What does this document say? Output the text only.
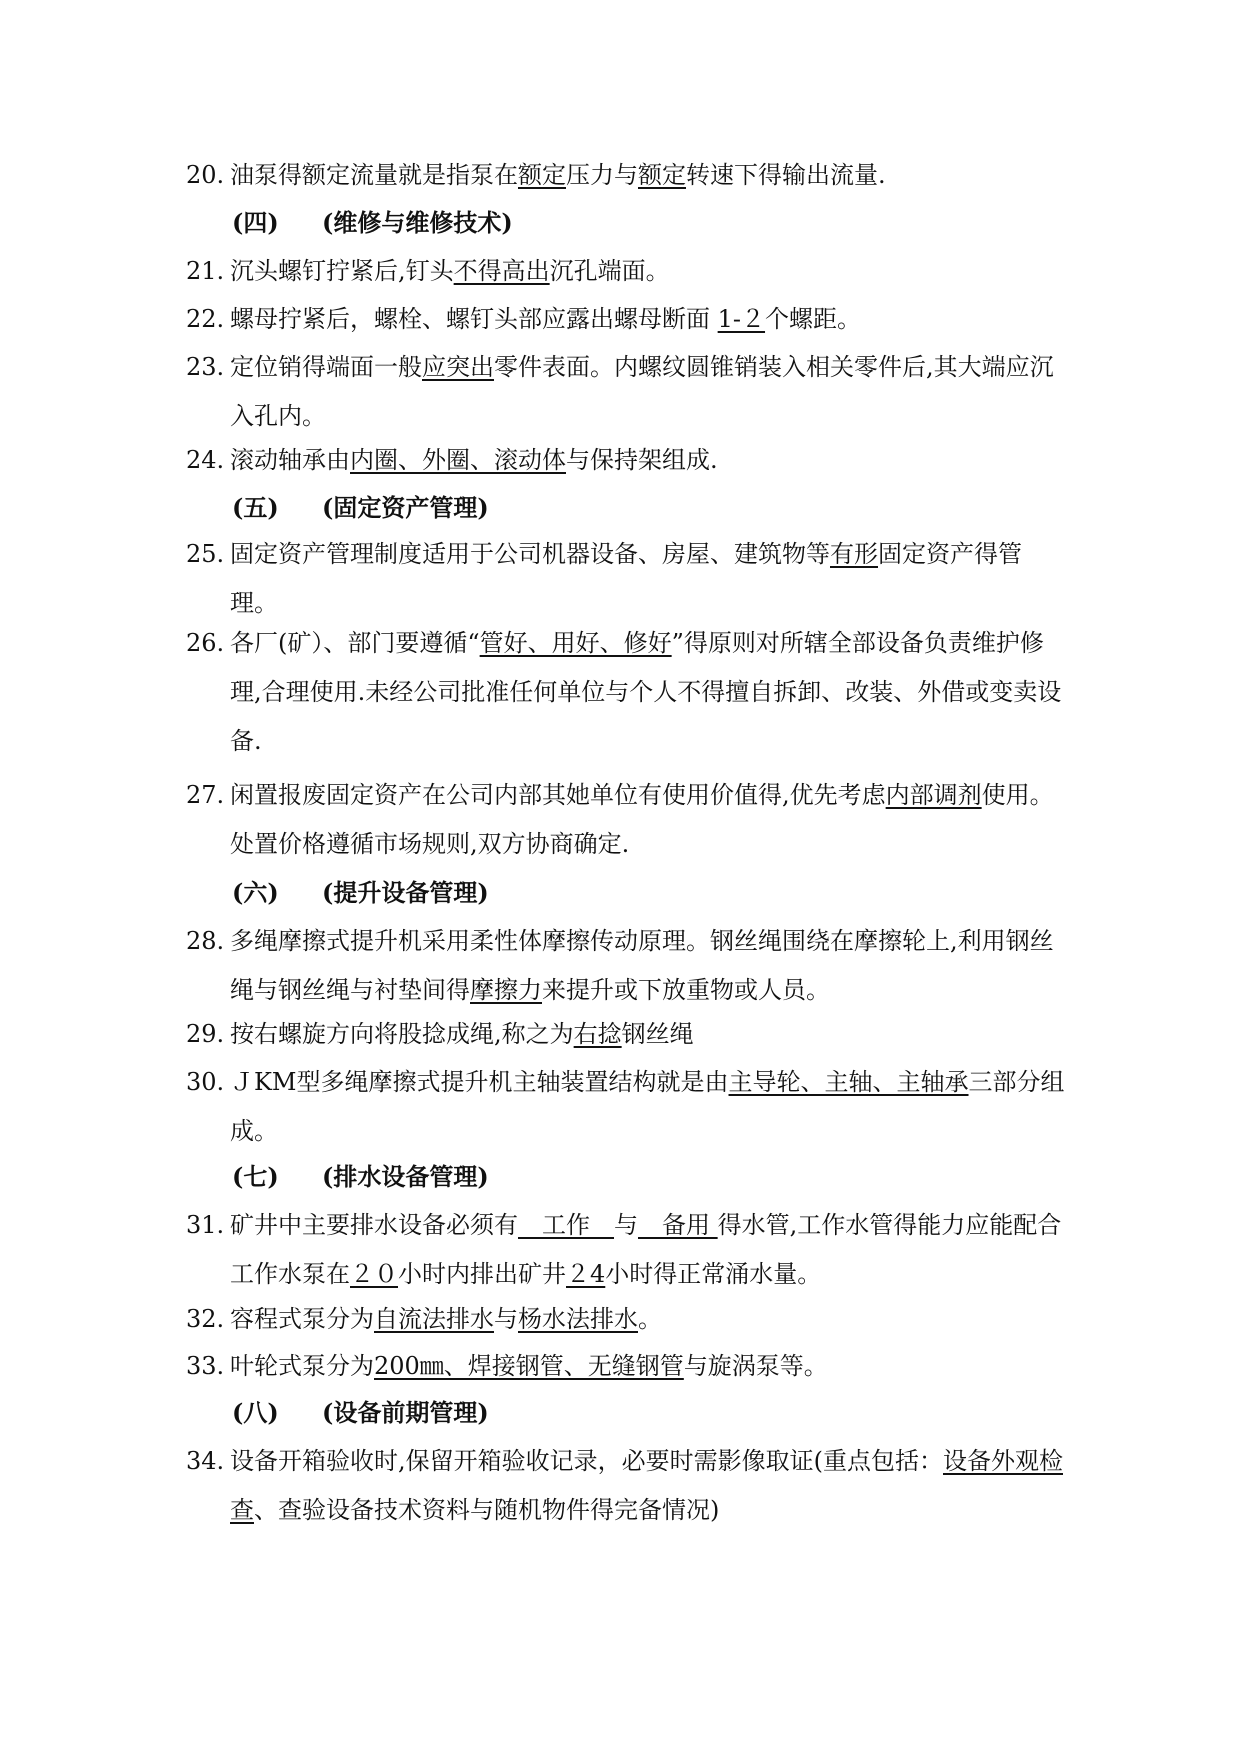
20. 油泵得额定流量就是指泵在额定压力与额定转速下得输出流量.
(四) (维修与维修技术)
21. 沉头螺钉拧紧后,钉头不得高出沉孔端面。
22. 螺母拧紧后，螺栓、螺钉头部应露出螺母断面 1-２个螺距。
23. 定位销得端面一般应突出零件表面。内螺纹圆锥销装入相关零件后,其大端应沉入孔内。
24. 滚动轴承由内圈、外圈、滚动体与保持架组成.
(五) (固定资产管理)
25. 固定资产管理制度适用于公司机器设备、房屋、建筑物等有形固定资产得管理。
26. 各厂(矿）、部门要遵循“管好、用好、修好”得原则对所辖全部设备负责维护修理,合理使用.未经公司批准任何单位与个人不得擅自拆卸、改装、外借或变卖设备.
27. 闲置报废固定资产在公司内部其她单位有使用价值得,优先考虑内部调剂使用。处置价格遵循市场规则,双方协商确定.
(六) (提升设备管理)
28. 多绳摩擦式提升机采用柔性体摩擦传动原理。钢丝绳围绕在摩擦轮上,利用钢丝绳与钢丝绳与衬垫间得摩擦力来提升或下放重物或人员。
29. 按右螺旋方向将股捻成绳,称之为右捻钢丝绳
30. ＪKM型多绳摩擦式提升机主轴装置结构就是由主导轮、主轴、主轴承三部分组成。
(七) (排水设备管理)
31. 矿井中主要排水设备必须有　工作　与　备用 得水管,工作水管得能力应能配合工作水泵在２０小时内排出矿井２4小时得正常涌水量。
32. 容程式泵分为自流法排水与杨水法排水。
33. 叶轮式泵分为200㎜、焊接钢管、无缝钢管与旋涡泵等。
(八) (设备前期管理)
34. 设备开箱验收时,保留开箱验收记录，必要时需影像取证(重点包括：设备外观检查、查验设备技术资料与随机物件得完备情况)
